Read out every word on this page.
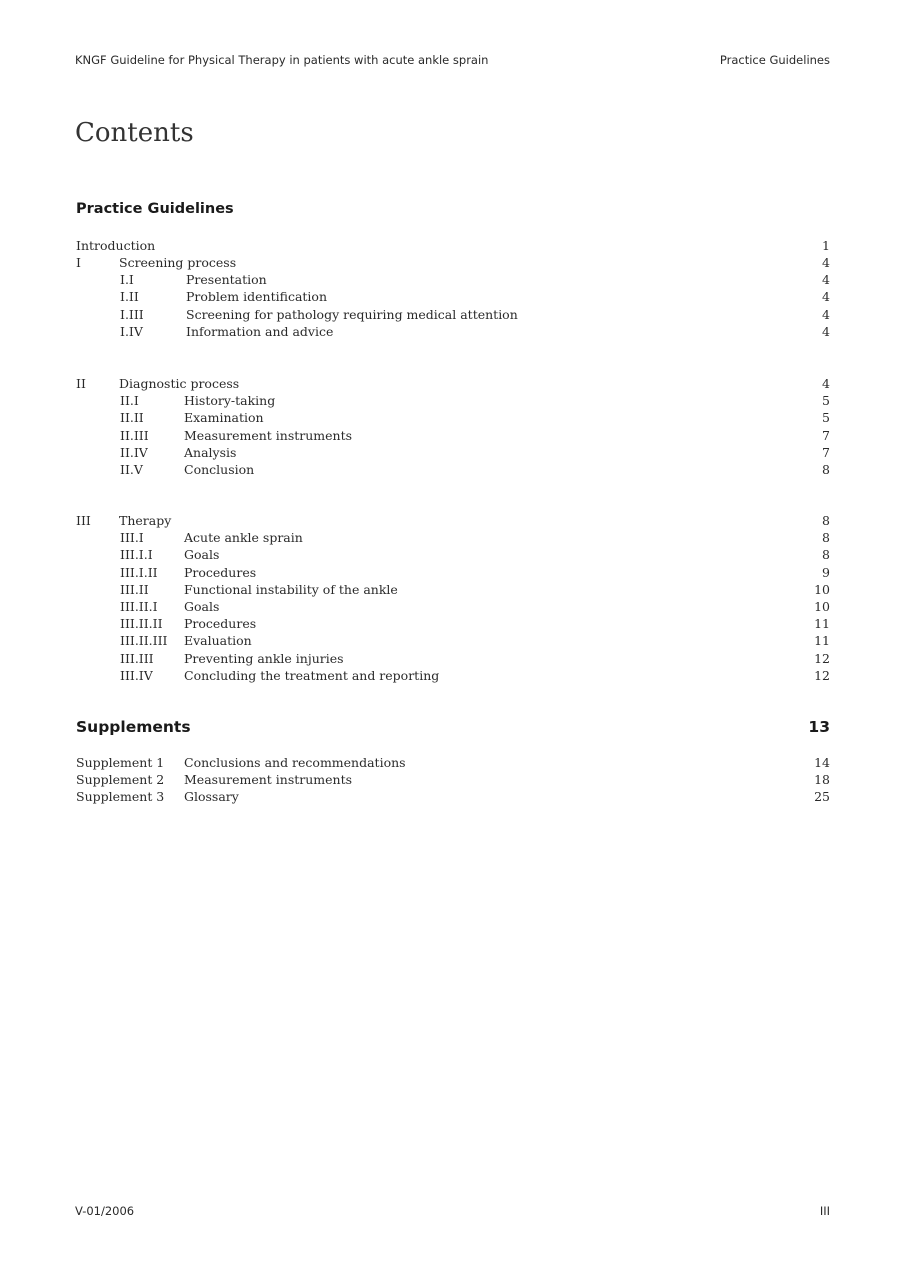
KNGF Guideline for Physical Therapy in patients with acute ankle sprain	Practice Guidelines
Contents
Practice Guidelines
Introduction	1
I	Screening process	4
I.I	Presentation	4
I.II	Problem identification	4
I.III	Screening for pathology requiring medical attention	4
I.IV	Information and advice	4
II	Diagnostic process	4
II.I	History-taking	5
II.II	Examination	5
II.III	Measurement instruments	7
II.IV	Analysis	7
II.V	Conclusion	8
III Therapy	8
III.I	Acute ankle sprain	8
III.I.I	Goals	8
III.I.II Procedures	9
III.II	Functional instability of the ankle	10
III.II.I Goals	10
III.II.II Procedures	11
III.II.III Evaluation	11
III.III Preventing ankle injuries	12
III.IV Concluding the treatment and reporting	12
Supplements	13
Supplement 1 Conclusions and recommendations	14
Supplement 2 Measurement instruments	18
Supplement 3 Glossary	25
V-01/2006	III
